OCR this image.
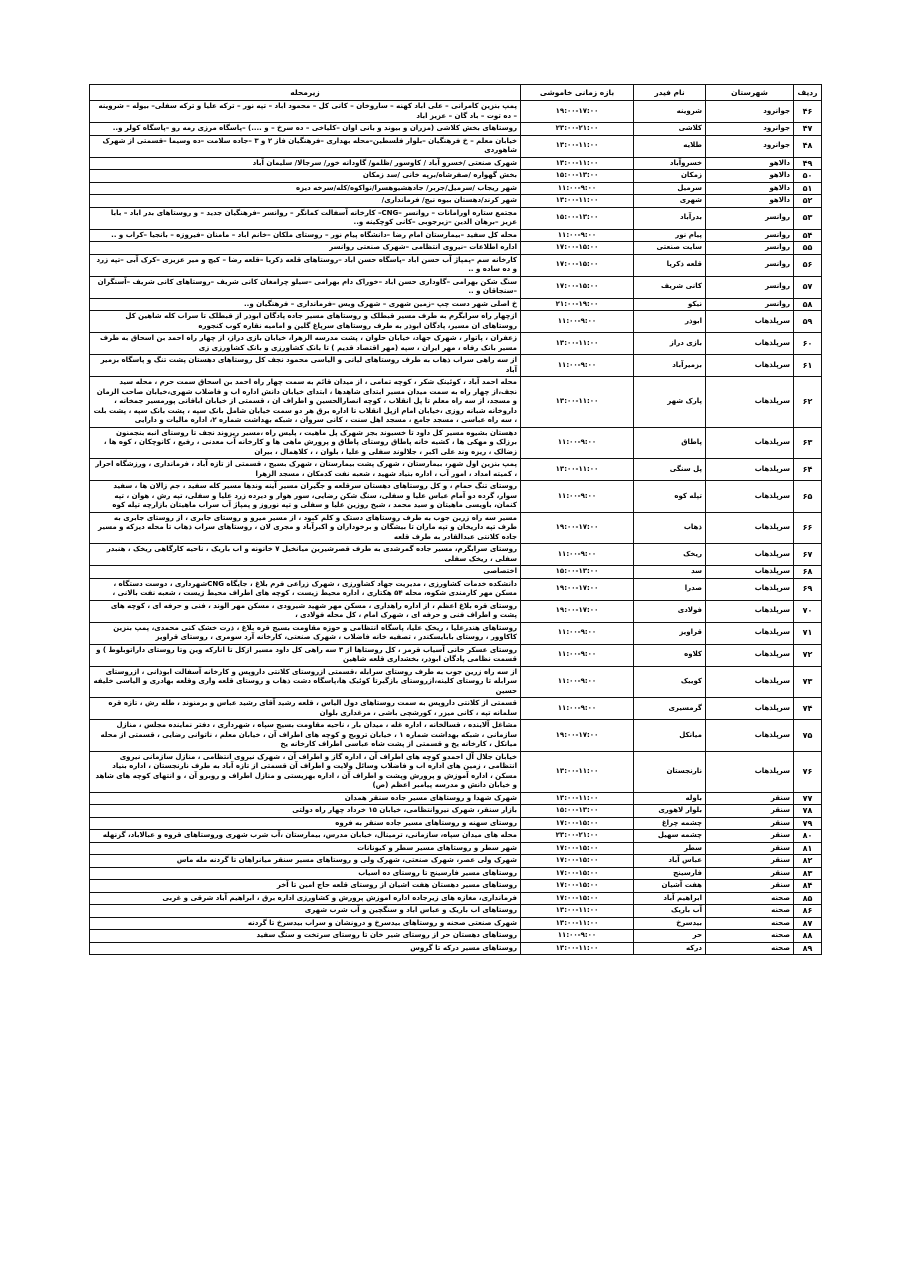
ردیف	شهرستان	نام فیدر	بازه زمانی خاموشی	زیرمحله
۴۶	جوانرود	شروینه	۱۹:۰۰-۱۷:۰۰	پمپ بنزین کامرانی – علی اباد کهنه – ساروخان – کانی کل – محمود اباد – تپه نور – ترکه علیا و ترکه سفلی– بیوله – شروینه – ده توت – باد گان – عزیز اباد
۴۷	جوانرود	کلاشی	۲۳:۰۰-۲۱:۰۰	روستاهای بخش کلاشی (مزران و بیوند و بانی اوان –کلیاخی – ده سرخ – و ....) –پاسگاه مرزی رمه رو –پاسگاه کولر و..
۴۸	جوانرود	طلایه	۱۳:۰۰-۱۱:۰۰	خیابان معلم – خ فرهنگیان –بلوار فلسطین–محله بهداری –فرهنگیان فاز ۲ و ۳ –جاده سلامت –ده وسیما –قسمتی از شهرک شاهوردی
۴۹	دالاهو	خسروآباد	۱۳:۰۰-۱۱:۰۰	شهرک صنعتی /خسرو آباد / کاوسور /ظلمو/ گاودانه خور/ سرجالا/ سلیمان آباد
۵۰	دالاهو	زمکان	۱۵:۰۰-۱۳:۰۰	بخش گهواره /صفرشاه/برپه خانی /سد زمکان
۵۱	دالاهو	سرمیل	۱۱:۰۰-۹:۰۰	شهر ریجاب /سرمیل/جربر/ جادهشیوهسرا/نواکوه/کله/سرخه دیزه
۵۲	دالاهو	شهری	۱۳:۰۰-۱۱:۰۰	شهر کرند/دهستان بیوه نیج/ فرمانداری/
۵۳	روانسر	بدرآباد	۱۵:۰۰-۱۳:۰۰	مجتمع ستاره اورامانات – روانسر –CNG– کارخانه آسفالت کمانگر – روانسر –فرهنگیان جدید – و روستاهای بدر اباد – بابا عزیز –برهان الدین –زیرجوبی –کانی کوچکینه و..
۵۴	روانسر	پیام نور	۱۱:۰۰-۹:۰۰	محله کل سفید –بیمارستان امام رضا –دانشگاه پیام نور – روستای ملکان –خانم اباد – مامنان –فیروزه – بانجیا –کراب و ..
۵۵	روانسر	سایت صنعتی	۱۷:۰۰-۱۵:۰۰	اداره اطلاعات –نیروی انتظامی –شهرک صنعتی روانسر
۵۶	روانسر	قلعه ذکریا	۱۷:۰۰-۱۵:۰۰	کارخانه سم –پمپاژ آب حسن اباد –پاسگاه حسن اباد –روستاهای قلعه ذکریا –قلعه رضا – کیچ و میر عزیزی –کرک آبی –تپه زرد و ده ساده و ..
۵۷	روانسر	کانی شریف	۱۷:۰۰-۱۵:۰۰	سنگ شکن بهرامی –گاوداری حسن اباد –خوراک دام بهرامی –سیلو چرامغان کانی شریف –روستاهای کانی شریف –آسنگران –سنجاقان و ..
۵۸	روانسر	نیکو	۲۱:۰۰-۱۹:۰۰	خ اصلی شهر دست چپ –زمین شهری – شهرک ویس –فرمانداری – فرهنگیان و..
۵۹	سرپلذهاب	ابوذر	۱۱:۰۰-۹:۰۰	ازچهار راه سرابگرم به طرف مسیر قبطلک و روستاهای مسیر جاده پادگان ابوذر از قبطلک تا سراب کله شاهین کل روستاهای ان مسیر، پادگان ابوذر به طرف روستاهای سرپاغ گلین و امامیه نقاره کوب کنجوره
۶۰	سرپلذهاب	بازی دراز	۱۳:۰۰-۱۱:۰۰	زعفران ، پاتوار ، شهرک جهاد، خیابان حلوان ، پشت مدرسه الزهرا، خیابان بازی دراز، از چهار راه احمد بن اسحاق به طرف مسیر بانک رفاه ، مهر ایران ، سپه (مهر اقتصاد قدیم ) تا بانک کشاورزی و بانک کشاورزی زی
۶۱	سرپلذهاب	بزمیرآباد	۱۱:۰۰-۹:۰۰	از سه راهی سراب ذهاب به طرف روستاهای لیانی و الیاسی محمود نجف کل روستاهای دهستان پشت تنگ و پاسگاه بزمیر آباد
۶۲	سرپلذهاب	پارک شهر	۱۳:۰۰-۱۱:۰۰	محله احمد آباد ، کوئینک شکر ، کوچه تمامی ، از میدان قائم به سمت چهار راه احمد بن اسحاق سمت حرم ، محله سید نجف،از چهار راه به سمت میدان مسیر ابتدای شاهدها ، ابتدای خیابان دانش اداره اب و فاضلاب شهری،خیابان صاحب الزمان و مسجد، از سه راه معلم تا پل انقلاب ، کوچه انصارالحسین و اطراف ان ، قسمتی از خیابان ابافانی پورمسیر جمخانه ، داروخانه شبانه روزی ،خیابان امام ازپل انقلاب تا اداره برق هر دو سمت خیابان شامل بانک سپه ، پشت بانک سپه ، پشت بلت ، سه راه عباسی ، مسجد جامع ، مسجد اهل سنت ، کانی سروان ، شبکه بهداشت شماره ۲، اداره مالیات و دارایی
۶۳	سرپلذهاب	پاطاق	۱۱:۰۰-۹:۰۰	دهستان بشیوه مسیر کل داود تا خسیوند بجز شهرک پل ماهیت ، پلیس راه ،مسیر ریزوند نجف تا روستای انبه بنجمنون برزلک و مهکی ها ، کشیه خانه پاطاق روستای پاطاق و پرورش ماهی ها و کارخانه آب معدنی ، رفیع ، کانوچکان ، کوه ها ، زضالک ، ریزه وند علی اکبر ، جلالوند سفلی و علیا ، بلوان ، ، کلاهمال ، بیران
۶۴	سرپلذهاب	پل سنگی	۱۳:۰۰-۱۱:۰۰	پمپ بنزین اول شهر، بیمارستان ، شهرک پشت بیمارستان ، شهرک بسیج ، قسمتی از تازه آباد ، فرمانداری ، ورزشگاه احرار ، کمیته امداد ، امور آب ، اداره بنیاد شهید ، شعبه نفت کدمکان ، مسجد الزهرا
۶۵	سرپلذهاب	تپله کوه	۱۱:۰۰-۹:۰۰	روستای تنگ حمام ، و کل روستاهای دهستان سرقلعه و جگیران مسیر آینه وندها مسیر کله سفید ، جم زالان ها ، سفید سوار، گرده دو آمام عباس علیا و سفلی، سنگ شکن رضایی، سور هوار و دیرده زرد علیا و سفلی، تپه رش ، هوان ، تپه کنمان، باویسی ماهیتان و سید محمد ، شیخ روزین علیا و سفلی و تپه نوروز و پمپاژ آب سراب ماهیتان بازارچه تپله کوه
۶۶	سرپلذهاب	ذهاب	۱۹:۰۰-۱۷:۰۰	مسیر سه راه زرین جوب به طرف روستاهای دستک و کلم کبود ، از مسیر میرو و روستای جابری ، از روستای جابری به طرف تپه داریخان و تپه ماران تا بیشگان و برخوداران و اکبرآباد و مجری لان ، روستاهای سراب ذهاب تا محله دیزکه و مسیر جاده کلانتی عبدالقادر به طرف قلعه
۶۷	سرپلذهاب	ریخک	۱۱:۰۰-۹:۰۰	روستای سرابگرم، مسیر جاده گمرشدی به طرف قصرشیرین میانخیل ۷ خانونه و اب باریک ، ناحیه کارگاهی ریخک ، هنبدر سفلی ، ریخک سفلی
۶۸	سرپلذهاب	سد	۱۵:۰۰-۱۳:۰۰	اختصاصی
۶۹	سرپلذهاب	صدرا	۱۹:۰۰-۱۷:۰۰	دانشکده خدمات کشاورزی ، مدیریت جهاد کشاورزی ، شهرک زراعی فرم بلاغ ، جایگاه CNGشهرداری ، دوست دستگاه ، مسکن مهر کارمندی شکوه، محله ۵۴ هکتاری ، اداره محیط زیست ، کوچه های اطراف محیط زیست ، شعبه نفت بالانی ،
۷۰	سرپلذهاب	فولادی	۱۹:۰۰-۱۷:۰۰	روستای قره بلاغ اعظم ، از اداره راهداری ، مسکن مهر شهید شیرودی ، مسکن مهر الوند ، فنی و حرفه ای ، کوچه های پشت و اطراف فنی و حرفه ای ، شهرک امام ، کل محله فولادی ،
۷۱	سرپلذهاب	قراویز	۱۱:۰۰-۹:۰۰	روستاهای هندرعلیا ، ریخک علیا، پاسگاه انتظامی و حوزه مقاومت بسیج قره بلاغ ، ذرت خشک کنی محمدی، پمپ بنزین کاکاوور ، روستای بابایسکندر ، تصفیه خانه فاضلاب ، شهرک صنعتی، کارخانه آرد سومری ، روستای قراویز
۷۲	سرپلذهاب	کلاوه	۱۱:۰۰-۹:۰۰	روستای عسکر خانی آسیاب قرمز ، کل روستاها از ۳ سه راهی کل داود مسیر ازکل تا انارکه وین وتا روستای داراتوبلوط ) و قسمت نظامی پادگان ابوذر، بخشداری قلعه شاهین
۷۳	سرپلذهاب	کوییک	۱۱:۰۰-۹:۰۰	از سه راه زرین جوب به طرف روستای سرابله ،قسمتی ازروستای کلانتی داروپس و کارخانه آسفالت ابوذانی ، ازروستای سرابله تا روستای کلینه،ازروستای بازگیرتا کوئیک ها،پاسگاه دشت ذهاب و روستای قلعه واری وقلعه بهادری و الیاسی خلیفه حسین
۷۴	سرپلذهاب	گرمسیری	۱۱:۰۰-۹:۰۰	قسمتی از کلانتی داروپس به سمت روستاهای دول الیاس ، قلعه رشید آقای رشید عباس و برمنوند ، طله رش ، تازه قره سلمانه تپه ، کانی میزر ، کورشچی باشی ، مرغداری بلوان
۷۵	سرپلذهاب	میانکل	۱۹:۰۰-۱۷:۰۰	مشاغل آلاینده ، قسالخانه ، اداره غله ، میدان بار ، ناحیه مقاومت بسیج سپاه ، شهرداری ، دفتر نماینده مجلس ، منازل سازمانی ، شبکه بهداشت شماره ۱ ، خیابان تروبج و کوچه های اطراف آن ، خیابان معلم ، ناتوانی رضایی ، قسمتی از محله میانکل ، کارخانه یخ و قسمتی از پشت شاه عباسی اطراف کارخانه یخ
۷۶	سرپلذهاب	نارنجستان	۱۳:۰۰-۱۱:۰۰	خیابان جلال آل احمدو کوچه های اطراف آن ، اداره گاز و اطراف آن ، شهرک نیروی انتظامی ، منازل سازمانی نیروی انتظامی ، زمین های اداره اب و فاضلاب وسائل ولایت و اطراف آن قسمتی از تازه آباد به طرف نارنجستان ، اداره بنیاد مسکن ، اداره آموزش و پرورش وپشت و اطراف آن ، اداره بهزیستی و منازل اطراف و روبرو آن ، و انتهای کوچه های شاهد و خیابان دانش و مدرسه پیامبر اعظم (ص)
۷۷	سنقر	باوله	۱۳:۰۰-۱۱:۰۰	شهرک شهدا و روستاهای مسیر جاده سنقر همدان
۷۸	سنقر	بلوار لاهوری	۱۵:۰۰-۱۳:۰۰	بازار سنقر، شهرک نیروانتظامی، خیابان ۱۵ خرداد چهار راه دولتی
۷۹	سنقر	چشمه چراغ	۱۷:۰۰-۱۵:۰۰	روستای سهنه و روستاهای مسیر جاده سنقر به فروه
۸۰	سنقر	چشمه سهیل	۲۳:۰۰-۲۱:۰۰	محله های میدان سپاه، سازمانی، ترمینال، خیابان مدرس، بیمارستان ،آب شرب شهری وروستاهای قروه و عبالاباد، گزنهله
۸۱	سنقر	سطر	۱۷:۰۰-۱۵:۰۰	شهر سطر و روستاهای مسیر سطر و کیونانات
۸۲	سنقر	عباس آباد	۱۷:۰۰-۱۵:۰۰	شهرک ولی عصر، شهرک صنعتی، شهرک ولی و روستاهای مسیر سنقر میانراهان تا گردنه مله ماس
۸۳	سنقر	فارسینج	۱۷:۰۰-۱۵:۰۰	روستاهای مسیر فارسینج تا روستای ده اسیاب
۸۴	سنقر	هفت آشیان	۱۷:۰۰-۱۵:۰۰	روستاهای مسیر دهستان هفت اشیان از روستای قلعه حاج امین تا آخر
۸۵	صحنه	ابراهیم آباد	۱۷:۰۰-۱۵:۰۰	فرمانداری، مغازه های زیرجاده اداره اموزش پرورش و کشاورزی اداره برق ، ابراهیم آباد شرقی و غربی
۸۶	صحنه	آب باریک	۱۳:۰۰-۱۱:۰۰	روستاهای اب باریک و عباس اباد و سنگچین و آب شرب شهری
۸۷	صحنه	بیدسرخ	۱۳:۰۰-۱۱:۰۰	شهرک صنعتی صحنه و روستاهای بیدسرخ و درونشان و سراب بیدسرخ تا گردنه
۸۸	صحنه	حر	۱۱:۰۰-۹:۰۰	روستاهای دهستان حر از روستای شیر خان تا روستای سرتخت و سنگ سفید
۸۹	صحنه	درکه	۱۳:۰۰-۱۱:۰۰	روستاهای مسیر درکه تا گروس
